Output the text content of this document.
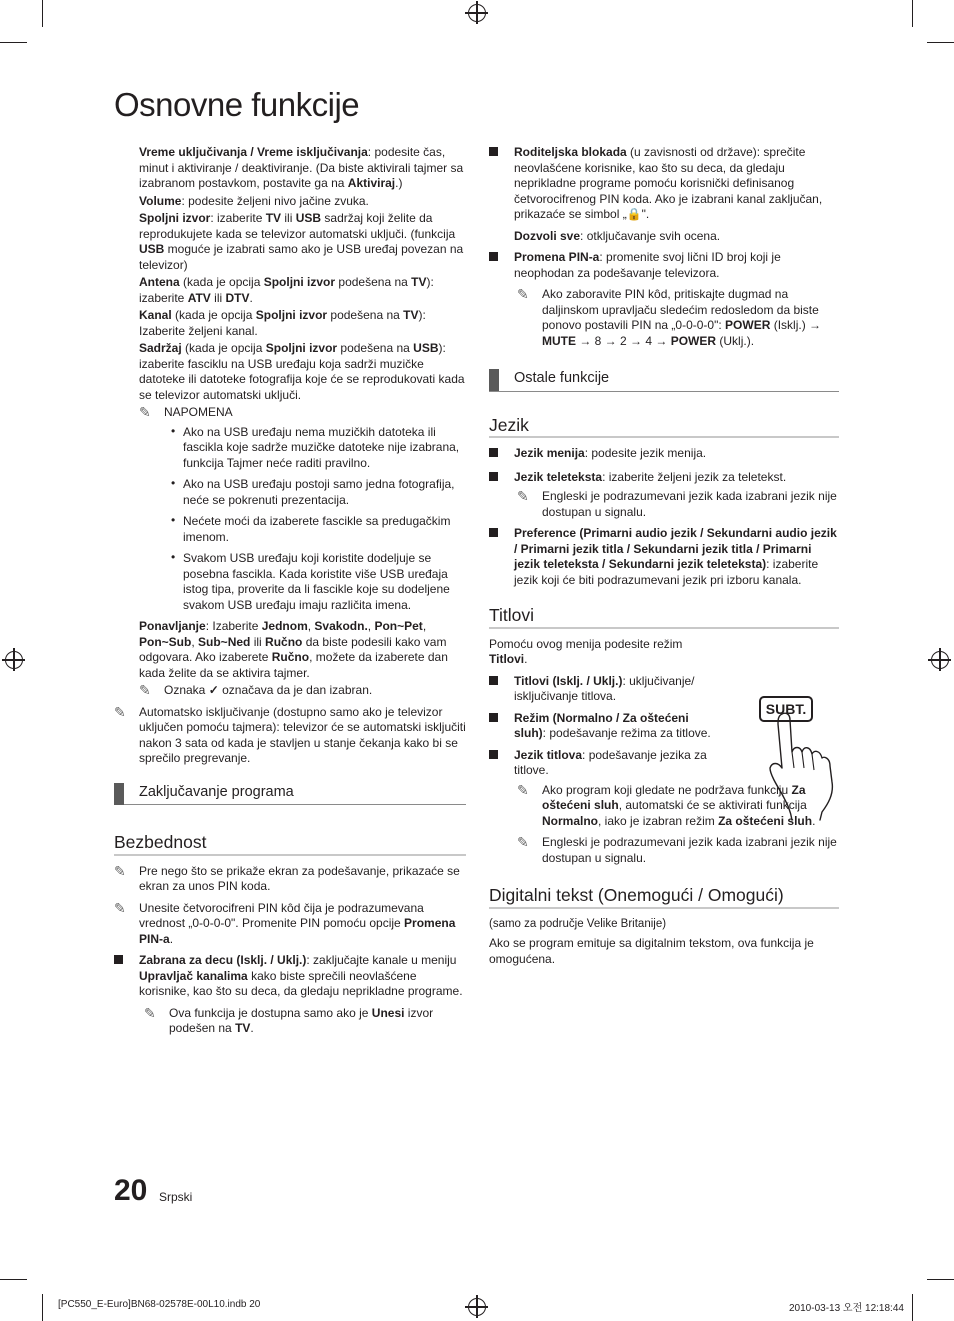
Osnovne funkcije

Vreme uključivanja / Vreme isključivanja: podesite čas, minut i aktiviranje / deaktiviranje. (Da biste aktivirali tajmer sa izabranom postavkom, postavite ga na Aktiviraj.)

Volume: podesite željeni nivo jačine zvuka.

Spoljni izvor: izaberite TV ili USB sadržaj koji želite da reprodukujete kada se televizor automatski uključi. (funkcija USB moguće je izabrati samo ako je USB uređaj povezan na televizor)

Antena (kada je opcija Spoljni izvor podešena na TV): izaberite ATV ili DTV.

Kanal (kada je opcija Spoljni izvor podešena na TV): Izaberite željeni kanal.

Sadržaj (kada je opcija Spoljni izvor podešena na USB): izaberite fasciklu na USB uređaju koja sadrži muzičke datoteke ili datoteke fotografija koje će se reprodukovati kada se televizor automatski uključi.

✎ NAPOMENA
• Ako na USB uređaju nema muzičkih datoteka ili fascikla koje sadrže muzičke datoteke nije izabrana, funkcija Tajmer neće raditi pravilno.
• Ako na USB uređaju postoji samo jedna fotografija, neće se pokrenuti prezentacija.
• Nećete moći da izaberete fascikle sa predugačkim imenom.
• Svakom USB uređaju koji koristite dodeljuje se posebna fascikla. Kada koristite više USB uređaja istog tipa, proverite da li fascikle koje su dodeljene svakom USB uređaju imaju različita imena.

Ponavljanje: Izaberite Jednom, Svakodn., Pon~Pet, Pon~Sub, Sub~Ned ili Ručno da biste podesili kako vam odgovara. Ako izaberete Ručno, možete da izaberete dan kada želite da se aktivira tajmer.

✎ Oznaka ✓ označava da je dan izabran.
✎ Automatsko isključivanje (dostupno samo ako je televizor uključen pomoću tajmera): televizor će se automatski isključiti nakon 3 sata od kada je stavljen u stanje čekanja kako bi se sprečilo pregrevanje.
Zaključavanje programa
Bezbednost
✎ Pre nego što se prikaže ekran za podešavanje, prikazaće se ekran za unos PIN koda.
✎ Unesite četvorocifreni PIN kôd čija je podrazumevana vrednost „0-0-0-0". Promenite PIN pomoću opcije Promena PIN-a.
Zabrana za decu (Isklj. / Uklj.): zaključajte kanale u meniju Upravljač kanalima kako biste sprečili neovlašćene korisnike, kao što su deca, da gledaju neprikladne programe.
✎ Ova funkcija je dostupna samo ako je Unesi izvor podešen na TV.
Roditeljska blokada (u zavisnosti od države): sprečite neovlašćene korisnike, kao što su deca, da gledaju neprikladne programe pomoću korisnički definisanog četvorocifrenog PIN koda. Ako je izabrani kanal zaključan, prikazaće se simbol „🔒".

Dozvoli sve: otključavanje svih ocena.

Promena PIN-a: promenite svoj lični ID broj koji je neophodan za podešavanje televizora.
✎ Ako zaboravite PIN kôd, pritiskajte dugmad na daljinskom upravljaču sledećim redosledom da biste ponovo postavili PIN na „0-0-0-0": POWER (Isklj.) → MUTE → 8 → 2 → 4 → POWER (Uklj.).
Ostale funkcije
Jezik
Jezik menija: podesite jezik menija.
Jezik teleteksta: izaberite željeni jezik za teletekst.
✎ Engleski je podrazumevani jezik kada izabrani jezik nije dostupan u signalu.
Preference (Primarni audio jezik / Sekundarni audio jezik / Primarni jezik titla / Sekundarni jezik titla / Primarni jezik teleteksta / Sekundarni jezik teleteksta): izaberite jezik koji će biti podrazumevani jezik pri izboru kanala.
Titlovi

Pomoću ovog menija podesite režim Titlovi.

Titlovi (Isklj. / Uklj.): uključivanje/ isključivanje titlova.
Režim (Normalno / Za oštećeni sluh): podešavanje režima za titlove.
Jezik titlova: podešavanje jezika za titlove.
✎ Ako program koji gledate ne podržava funkciju Za oštećeni sluh, automatski će se aktivirati funkcija Normalno, iako je izabran režim Za oštećeni sluh.
✎ Engleski je podrazumevani jezik kada izabrani jezik nije dostupan u signalu.
Digitalni tekst (Onemogući / Omogući)

(samo za područje Velike Britanije)

Ako se program emituje sa digitalnim tekstom, ova funkcija je omogućena.

SUBT.
20 Srpski
[PC550_E-Euro]BN68-02578E-00L10.indb 20	2010-03-13 오전 12:18:44
